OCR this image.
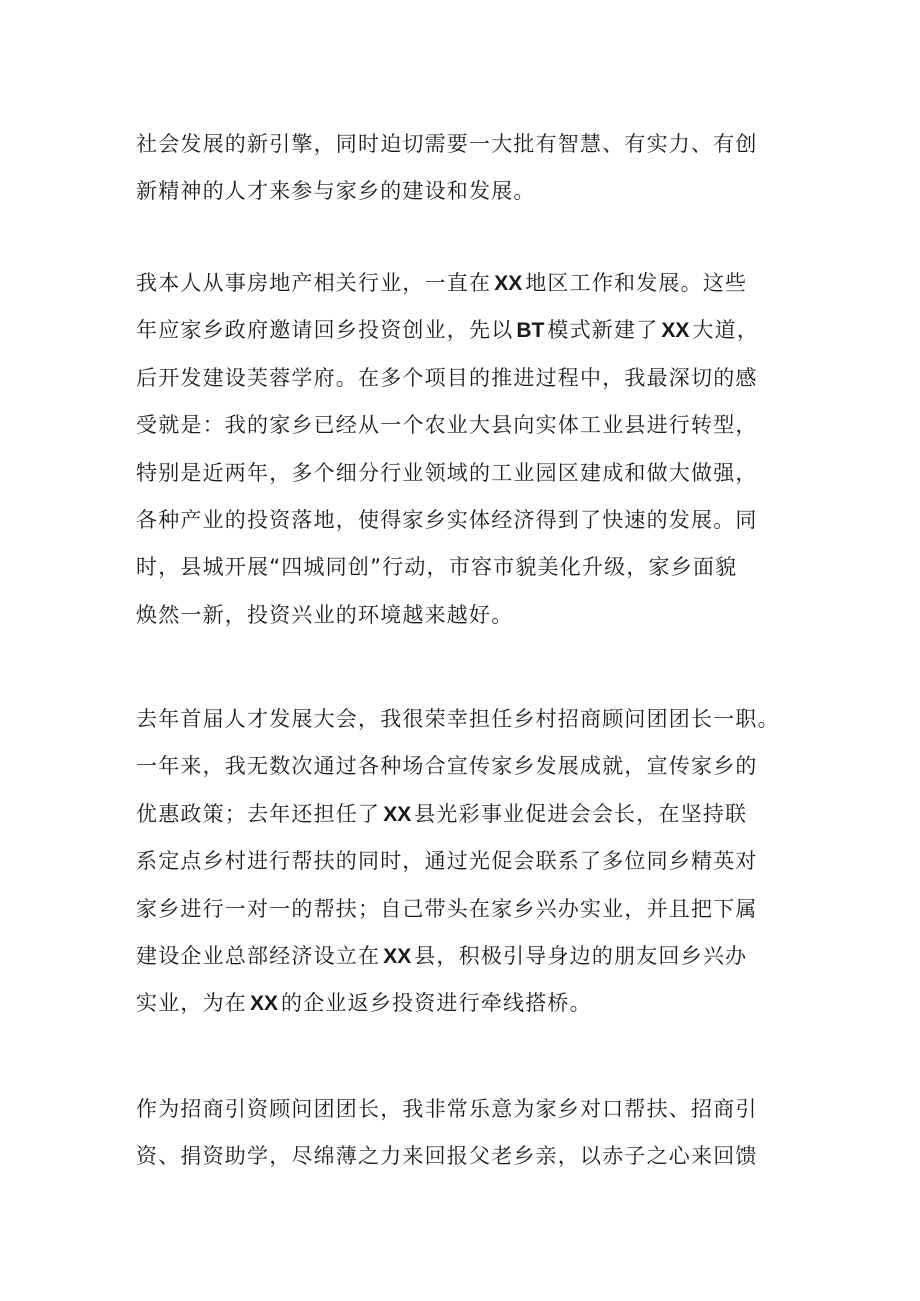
社会发展的新引擎，同时迫切需要一大批有智慧、有实力、有创
新精神的人才来参与家乡的建设和发展。
我本人从事房地产相关行业，一直在 XX 地区工作和发展。这些
年应家乡政府邀请回乡投资创业，先以 BT 模式新建了 XX 大道，
后开发建设芙蓉学府。在多个项目的推进过程中，我最深切的感
受就是：我的家乡已经从一个农业大县向实体工业县进行转型，
特别是近两年，多个细分行业领域的工业园区建成和做大做强，
各种产业的投资落地，使得家乡实体经济得到了快速的发展。同
时，县城开展“四城同创”行动，市容市貌美化升级，家乡面貌
焕然一新，投资兴业的环境越来越好。
去年首届人才发展大会，我很荣幸担任乡村招商顾问团团长一职。
一年来，我无数次通过各种场合宣传家乡发展成就，宣传家乡的
优惠政策；去年还担任了 XX 县光彩事业促进会会长，在坚持联
系定点乡村进行帮扶的同时，通过光促会联系了多位同乡精英对
家乡进行一对一的帮扶；自己带头在家乡兴办实业，并且把下属
建设企业总部经济设立在 XX 县，积极引导身边的朋友回乡兴办
实业，为在 XX 的企业返乡投资进行牵线搭桥。
作为招商引资顾问团团长，我非常乐意为家乡对口帮扶、招商引
资、捐资助学，尽绵薄之力来回报父老乡亲，以赤子之心来回馈
